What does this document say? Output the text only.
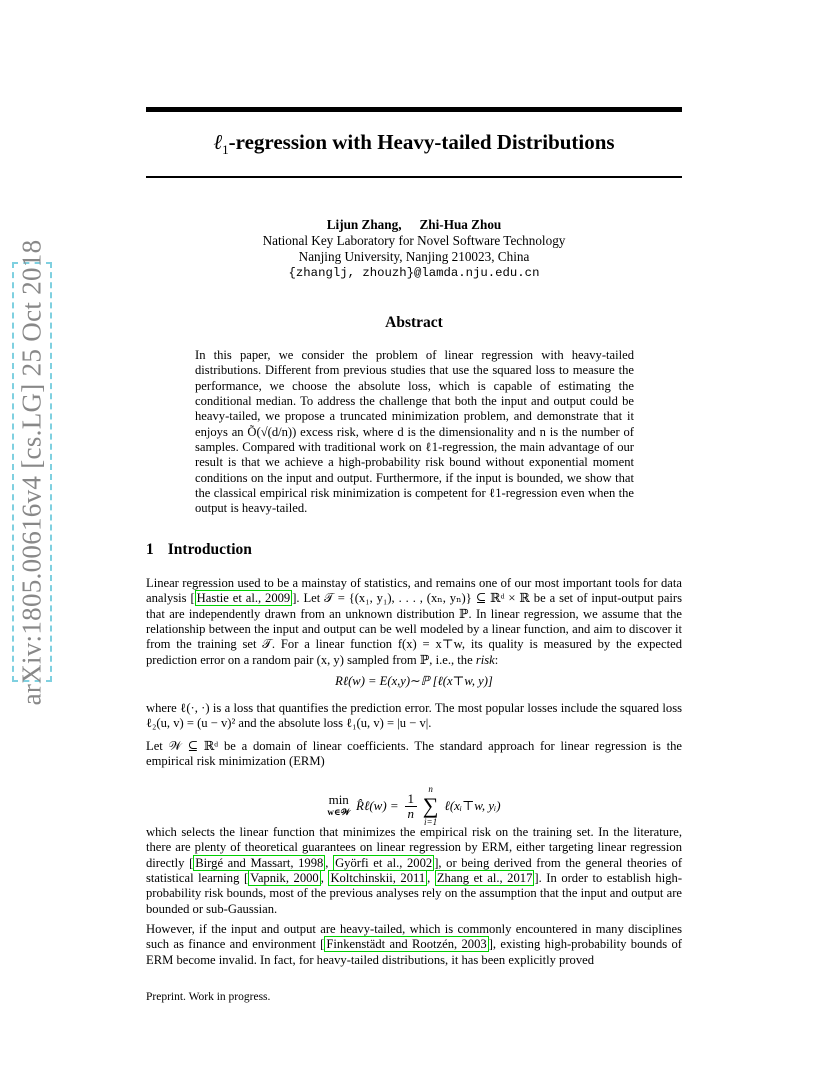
arXiv:1805.00616v4 [cs.LG] 25 Oct 2018
ℓ$_1$-regression with Heavy-tailed Distributions
Lijun Zhang, Zhi-Hua Zhou
National Key Laboratory for Novel Software Technology
Nanjing University, Nanjing 210023, China
{zhanglj, zhouzh}@lamda.nju.edu.cn
Abstract

In this paper, we consider the problem of linear regression with heavy-tailed distributions. Different from previous studies that use the squared loss to measure the performance, we choose the absolute loss, which is capable of estimating the conditional median. To address the challenge that both the input and output could be heavy-tailed, we propose a truncated minimization problem, and demonstrate that it enjoys an Õ(√(d/n)) excess risk, where d is the dimensionality and n is the number of samples. Compared with traditional work on ℓ1-regression, the main advantage of our result is that we achieve a high-probability risk bound without exponential moment conditions on the input and output. Furthermore, if the input is bounded, we show that the classical empirical risk minimization is competent for ℓ1-regression even when the output is heavy-tailed.

1 Introduction

Linear regression used to be a mainstay of statistics, and remains one of our most important tools for data analysis [ Hastie et al., 2009 ]. Let 𝒯 = {(x₁, y₁), . . . , (xₙ, yₙ)} ⊆ ℝᵈ × ℝ be a set of input-output pairs that are independently drawn from an unknown distribution ℙ. In linear regression, we assume that the relationship between the input and output can be well modeled by a linear function, and aim to discover it from the training set 𝒯. For a linear function f(x) = x⊤w, its quality is measured by the expected prediction error on a random pair (x, y) sampled from ℙ, i.e., the risk:

Rℓ(w) = E(x,y)∼ℙ [ℓ(x⊤w, y)]

where ℓ(·, ·) is a loss that quantifies the prediction error. The most popular losses include the squared loss ℓ₂(u, v) = (u − v)² and the absolute loss ℓ₁(u, v) = |u − v|.

Let 𝒲 ⊆ ℝᵈ be a domain of linear coefficients. The standard approach for linear regression is the empirical risk minimization (ERM)

min
w∈𝒲 R̂ℓ(w) = $\frac{1}{n}$
n
∑
i=1
ℓ(xᵢ⊤w, yᵢ)

which selects the linear function that minimizes the empirical risk on the training set. In the literature, there are plenty of theoretical guarantees on linear regression by ERM, either targeting linear regression directly [ Birgé and Massart, 1998 , Györfi et al., 2002 ], or being derived from the general theories of statistical learning [ Vapnik, 2000 , Koltchinskii, 2011 , Zhang et al., 2017 ]. In order to establish high-probability risk bounds, most of the previous analyses rely on the assumption that the input and output are bounded or sub-Gaussian.

However, if the input and output are heavy-tailed, which is commonly encountered in many disciplines such as finance and environment [ Finkenstädt and Rootzén, 2003 ], existing high-probability bounds of ERM become invalid. In fact, for heavy-tailed distributions, it has been explicitly proved

Preprint. Work in progress.
